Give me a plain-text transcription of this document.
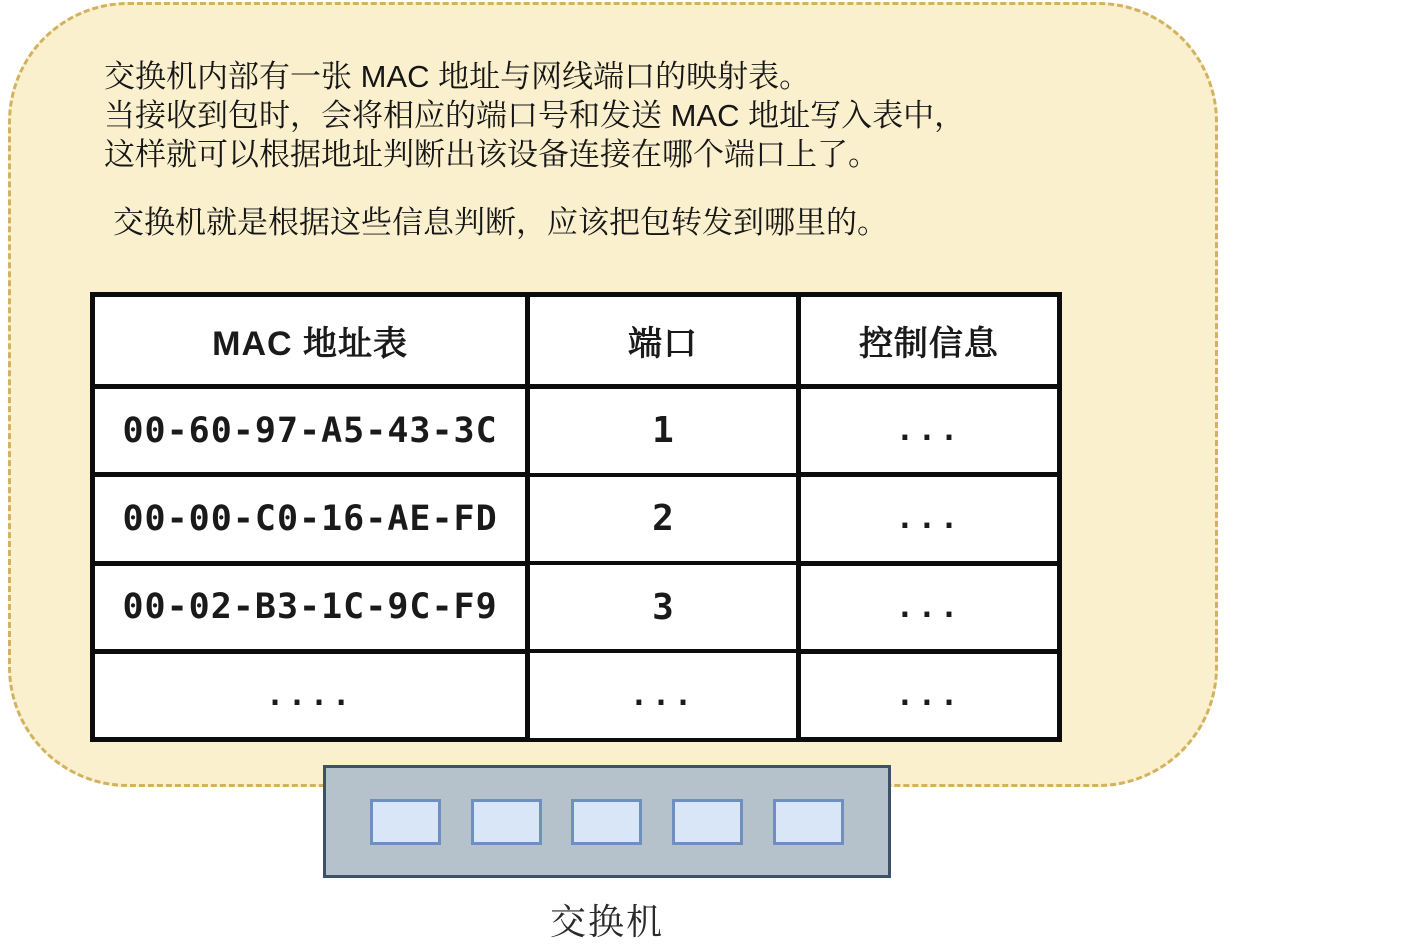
交换机内部有一张 MAC 地址与网线端口的映射表。
当接收到包时，会将相应的端口号和发送 MAC 地址写入表中，
这样就可以根据地址判断出该设备连接在哪个端口上了。
交换机就是根据这些信息判断，应该把包转发到哪里的。
MAC 地址表	端口	控制信息
00-60-97-A5-43-3C	1	...
00-00-C0-16-AE-FD	2	...
00-02-B3-1C-9C-F9	3	...
....	...	...
交换机
